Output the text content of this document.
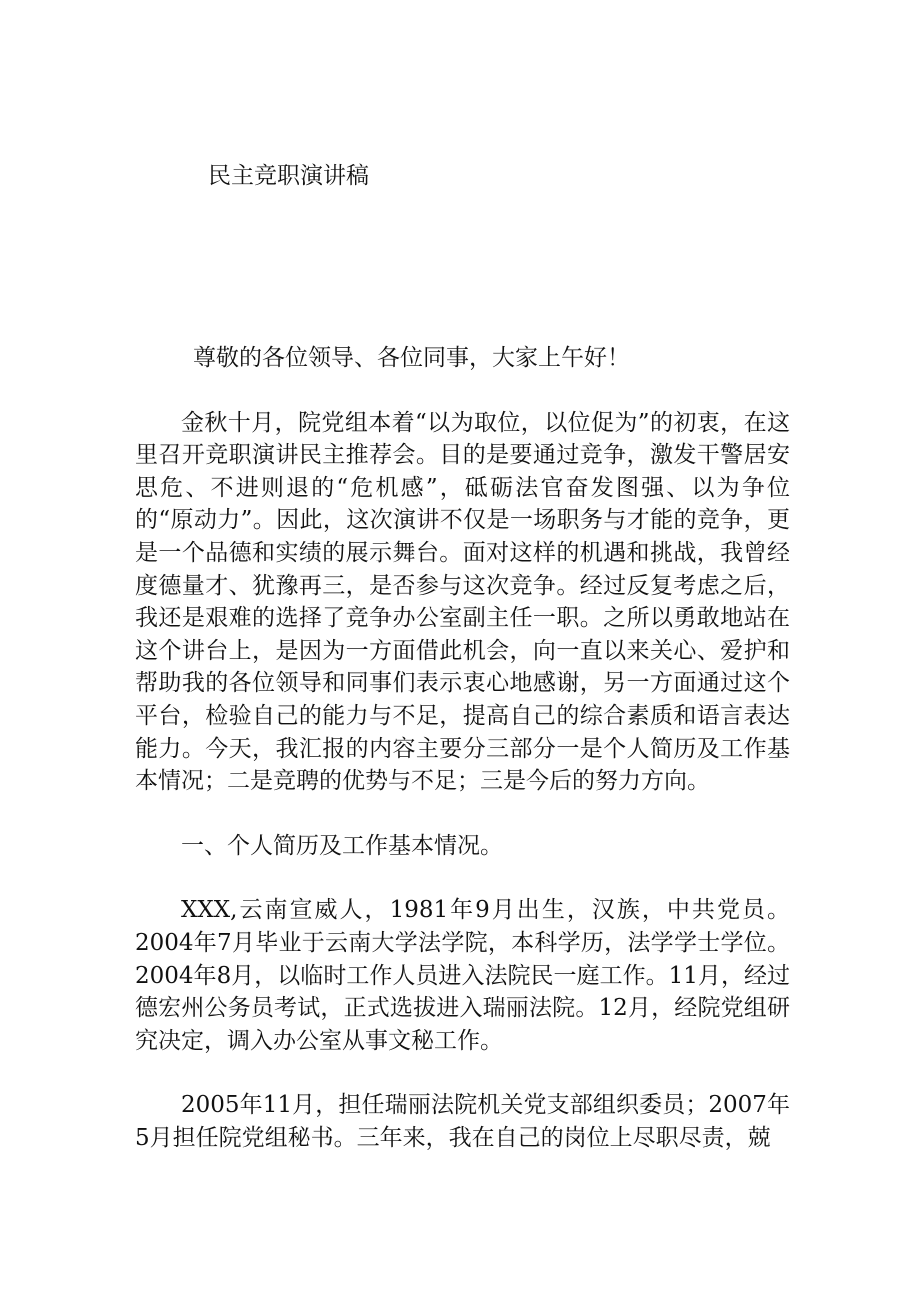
民主竞职演讲稿

尊敬的各位领导、各位同事，大家上午好！

金秋十月，院党组本着“以为取位，以位促为”的初衷，在这里召开竞职演讲民主推荐会。目的是要通过竞争，激发干警居安思危、不进则退的“危机感”，砥砺法官奋发图强、以为争位的“原动力”。因此，这次演讲不仅是一场职务与才能的竞争，更是一个品德和实绩的展示舞台。面对这样的机遇和挑战，我曾经度德量才、犹豫再三，是否参与这次竞争。经过反复考虑之后，我还是艰难的选择了竞争办公室副主任一职。之所以勇敢地站在这个讲台上，是因为一方面借此机会，向一直以来关心、爱护和帮助我的各位领导和同事们表示衷心地感谢，另一方面通过这个平台，检验自己的能力与不足，提高自己的综合素质和语言表达能力。今天，我汇报的内容主要分三部分一是个人简历及工作基本情况；二是竞聘的优势与不足；三是今后的努力方向。

一、个人简历及工作基本情况。

XXX,云南宣威人，1981年9月出生，汉族，中共党员。2004年7月毕业于云南大学法学院，本科学历，法学学士学位。2004年8月，以临时工作人员进入法院民一庭工作。11月，经过德宏州公务员考试，正式选拔进入瑞丽法院。12月，经院党组研究决定，调入办公室从事文秘工作。

2005年11月，担任瑞丽法院机关党支部组织委员；2007年5月担任院党组秘书。三年来，我在自己的岗位上尽职尽责，兢
